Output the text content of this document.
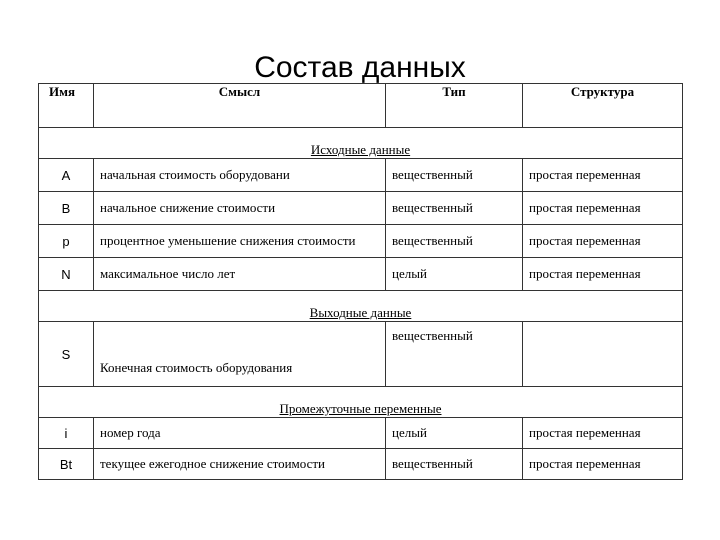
Состав данных
Имя	Смысл	Тип	Структура
Исходные данные			
A	начальная стоимость оборудовани	вещественный	простая переменная
B	начальное снижение стоимости	вещественный	простая переменная
p	процентное уменьшение снижения стоимости	вещественный	простая переменная
N	максимальное число лет	целый	простая переменная
Выходные данные			
S	Конечная стоимость оборудования	вещественный	
Промежуточные переменные			
i	номер года	целый	простая переменная
Bt	текущее ежегодное снижение стоимости	вещественный	простая переменная
